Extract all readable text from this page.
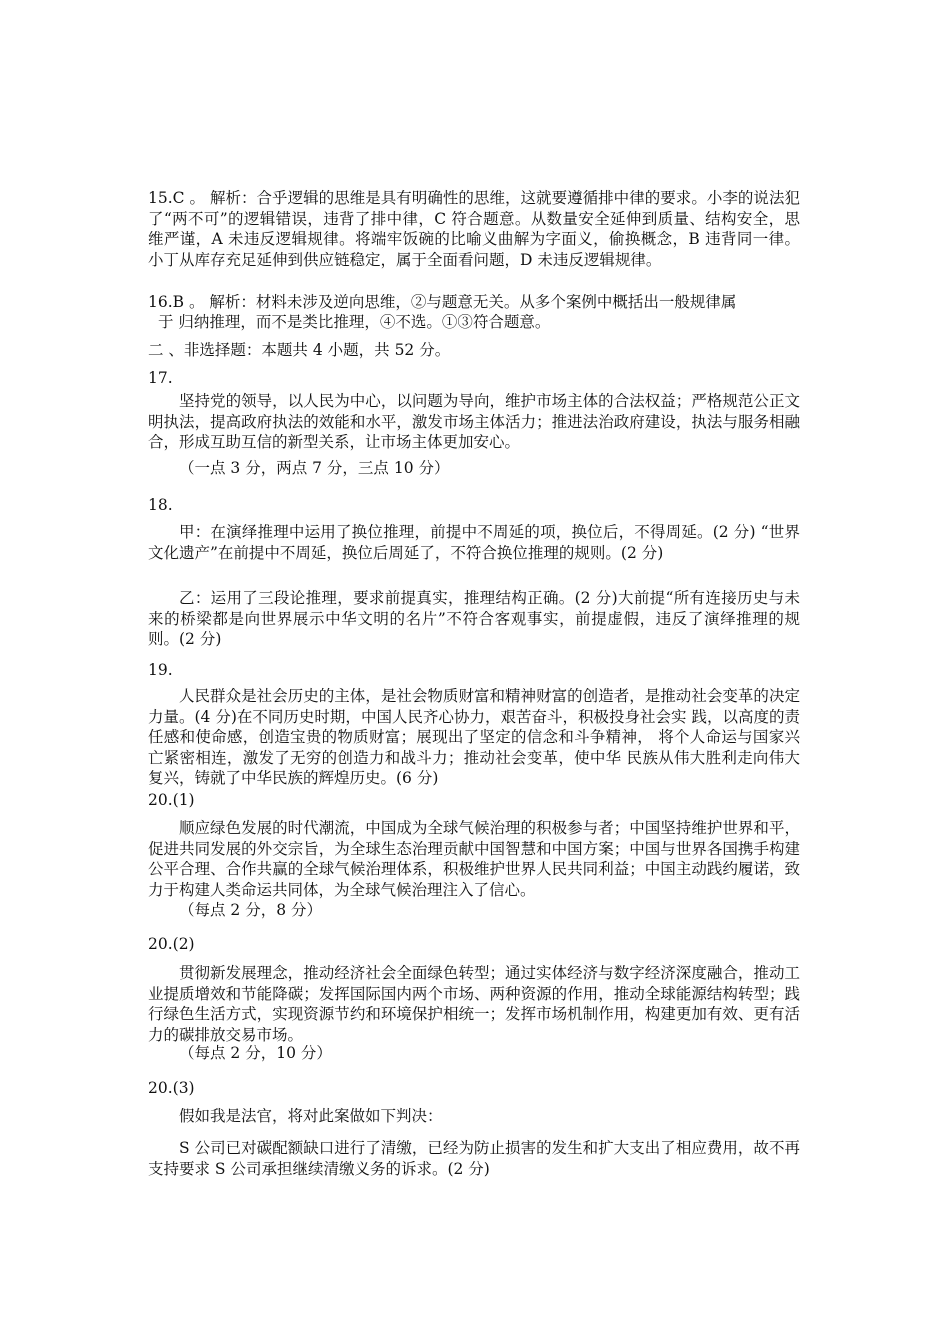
15.C 。 解析：合乎逻辑的思维是具有明确性的思维，这就要遵循排中律的要求。小李的说法犯了“两不可”的逻辑错误，违背了排中律，C 符合题意。从数量安全延伸到质量、结构安全，思维严谨，A 未违反逻辑规律。将端牢饭碗的比喻义曲解为字面义，偷换概念，B 违背同一律。小丁从库存充足延伸到供应链稳定，属于全面看问题，D 未违反逻辑规律。

16.B 。 解析：材料未涉及逆向思维，②与题意无关。从多个案例中概括出一般规律属

于 归纳推理，而不是类比推理，④不选。①③符合题意。

二 、非选择题：本题共 4 小题，共 52 分。

17.

坚持党的领导，以人民为中心，以问题为导向，维护市场主体的合法权益；严格规范公正文明执法，提高政府执法的效能和水平，激发市场主体活力；推进法治政府建设，执法与服务相融合，形成互助互信的新型关系，让市场主体更加安心。

（一点 3 分，两点 7 分，三点 10 分）

18.

甲：在演绎推理中运用了换位推理，前提中不周延的项，换位后，不得周延。(2 分) “世界文化遗产”在前提中不周延，换位后周延了，不符合换位推理的规则。(2 分)

乙：运用了三段论推理，要求前提真实，推理结构正确。(2 分)大前提“所有连接历史与未来的桥梁都是向世界展示中华文明的名片”不符合客观事实，前提虚假，违反了演绎推理的规则。(2 分)

19.

人民群众是社会历史的主体，是社会物质财富和精神财富的创造者，是推动社会变革的决定力量。(4 分)在不同历史时期，中国人民齐心协力，艰苦奋斗，积极投身社会实 践，以高度的责任感和使命感，创造宝贵的物质财富；展现出了坚定的信念和斗争精神， 将个人命运与国家兴亡紧密相连，激发了无穷的创造力和战斗力；推动社会变革，使中华 民族从伟大胜利走向伟大复兴，铸就了中华民族的辉煌历史。(6 分)

20.(1)

顺应绿色发展的时代潮流，中国成为全球气候治理的积极参与者；中国坚持维护世界和平，促进共同发展的外交宗旨，为全球生态治理贡献中国智慧和中国方案；中国与世界各国携手构建公平合理、合作共赢的全球气候治理体系，积极维护世界人民共同利益；中国主动践约履诺，致力于构建人类命运共同体，为全球气候治理注入了信心。

（每点 2 分，8 分）

20.(2)

贯彻新发展理念，推动经济社会全面绿色转型；通过实体经济与数字经济深度融合，推动工业提质增效和节能降碳；发挥国际国内两个市场、两种资源的作用，推动全球能源结构转型；践行绿色生活方式，实现资源节约和环境保护相统一；发挥市场机制作用，构建更加有效、更有活力的碳排放交易市场。

（每点 2 分，10 分）

20.(3)

假如我是法官，将对此案做如下判决：

S 公司已对碳配额缺口进行了清缴，已经为防止损害的发生和扩大支出了相应费用，故不再支持要求 S 公司承担继续清缴义务的诉求。(2 分)
